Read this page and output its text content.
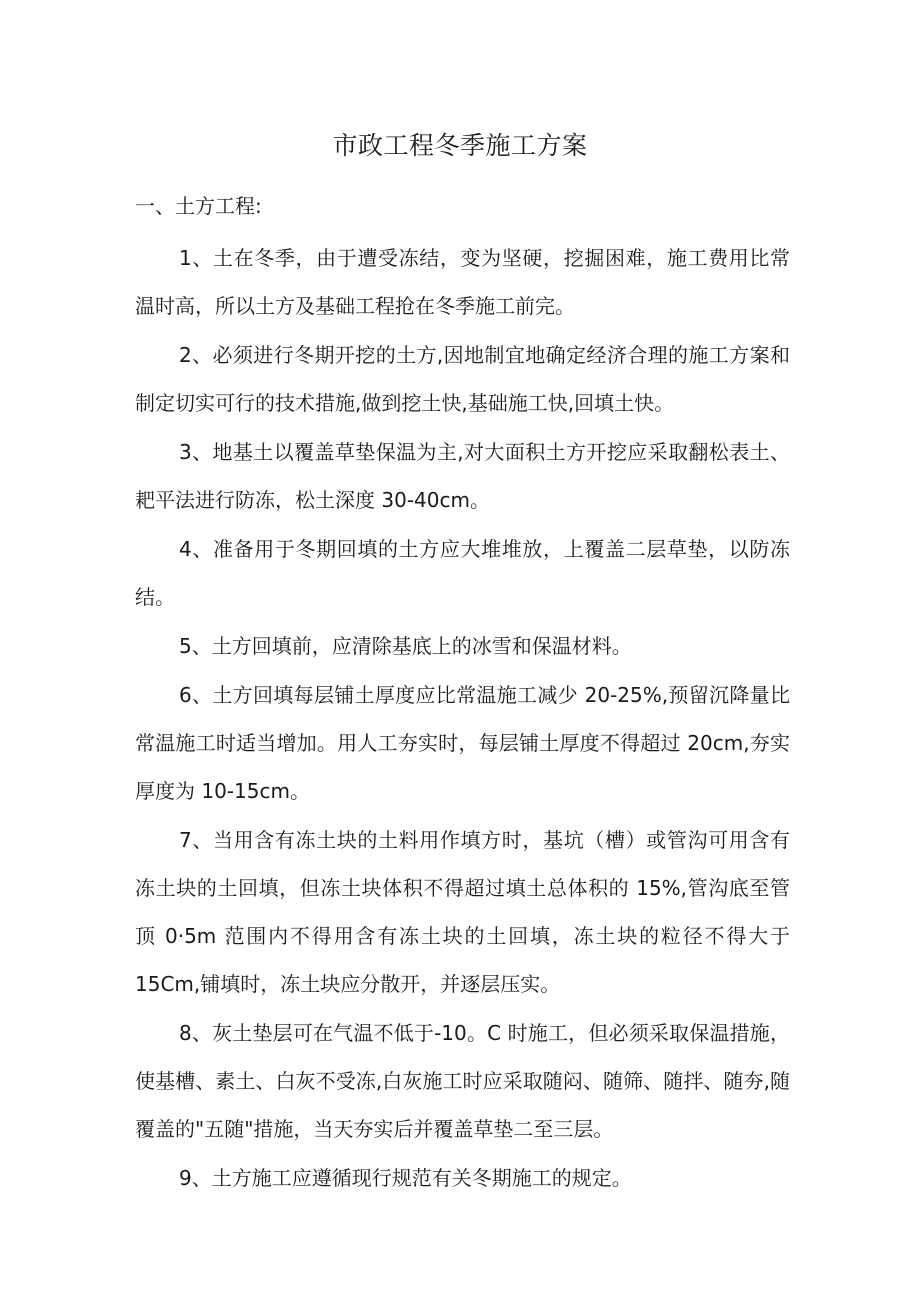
市政工程冬季施工方案
一、土方工程:

1、土在冬季，由于遭受冻结，变为坚硬，挖掘困难，施工费用比常温时高，所以土方及基础工程抢在冬季施工前完。

2、必须进行冬期开挖的土方,因地制宜地确定经济合理的施工方案和制定切实可行的技术措施,做到挖土快,基础施工快,回填土快。

3、地基土以覆盖草垫保温为主,对大面积土方开挖应采取翻松表土、耙平法进行防冻，松土深度 30-40cm。

4、准备用于冬期回填的土方应大堆堆放，上覆盖二层草垫，以防冻结。

5、土方回填前，应清除基底上的冰雪和保温材料。

6、土方回填每层铺土厚度应比常温施工减少 20-25%,预留沉降量比常温施工时适当增加。用人工夯实时，每层铺土厚度不得超过 20cm,夯实厚度为 10-15cm。

7、当用含有冻土块的土料用作填方时，基坑（槽）或管沟可用含有冻土块的土回填，但冻土块体积不得超过填土总体积的 15%,管沟底至管顶 0·5m 范围内不得用含有冻土块的土回填，冻土块的粒径不得大于 15Cm,铺填时，冻土块应分散开，并逐层压实。

8、灰土垫层可在气温不低于-10。C 时施工，但必须采取保温措施，使基槽、素土、白灰不受冻,白灰施工时应采取随闷、随筛、随拌、随夯,随覆盖的"五随"措施，当天夯实后并覆盖草垫二至三层。

9、土方施工应遵循现行规范有关冬期施工的规定。
